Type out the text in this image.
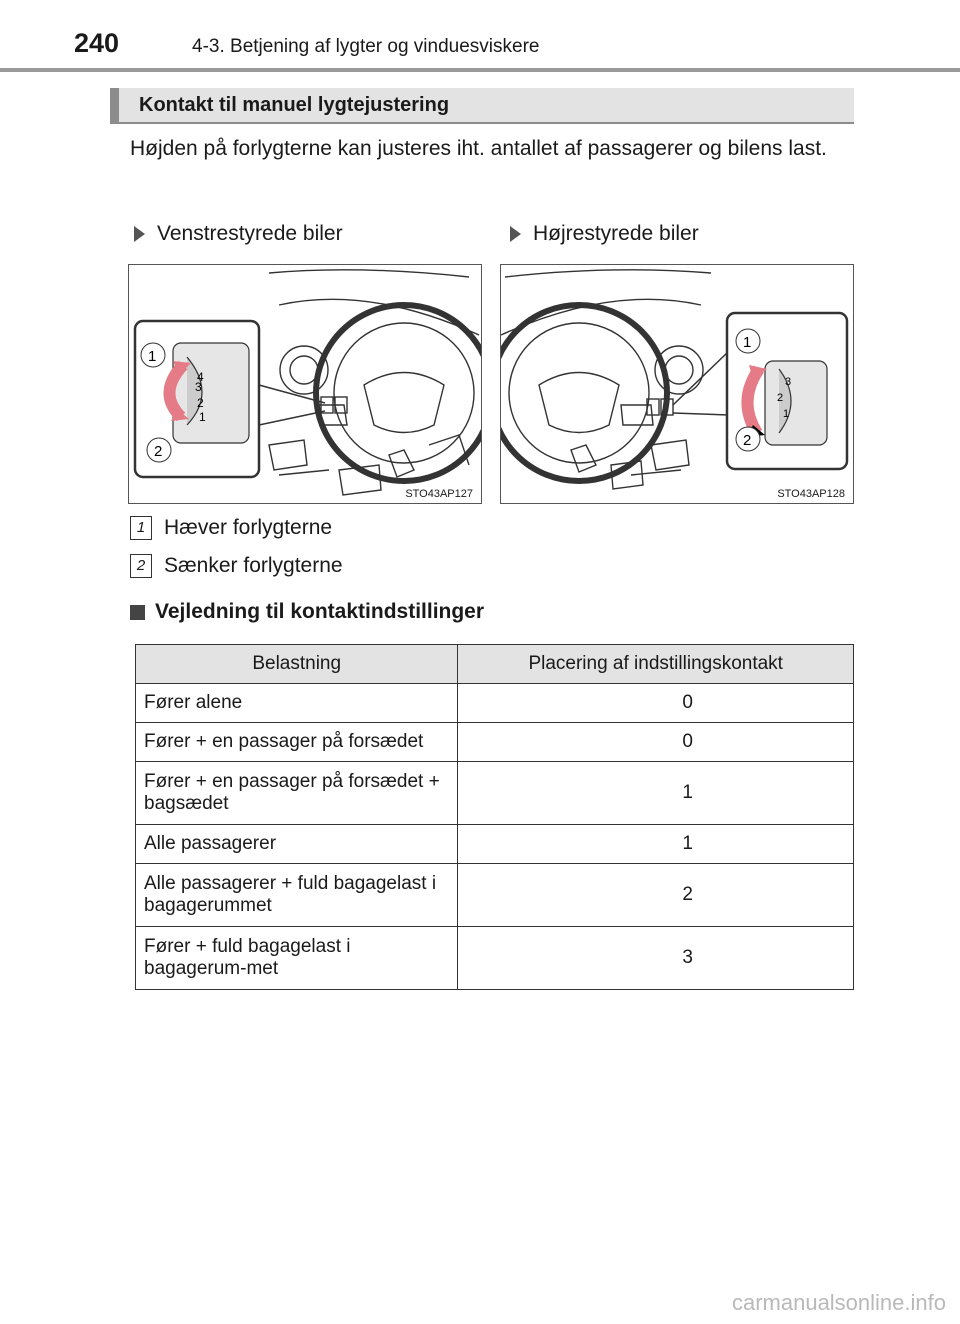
240	4-3. Betjening af lygter og vinduesviskere
Kontakt til manuel lygtejustering

Højden på forlygterne kan justeres iht. antallet af passagerer og bilens last.

Venstrestyrede biler	Højrestyrede biler
4
3
2
1
1
2
STO43AP127
3
2
1
1
2
STO43AP128
1 Hæver forlygterne
2 Sænker forlygterne
Vejledning til kontaktindstillinger
Belastning	Placering af indstillingskontakt
Fører alene	0
Fører + en passager på forsædet	0
Fører + en passager på forsædet + bagsædet	1
Alle passagerer	1
Alle passagerer + fuld bagagelast i bagagerummet	2
Fører + fuld bagagelast i bagagerum-met	3
carmanualsonline.info
